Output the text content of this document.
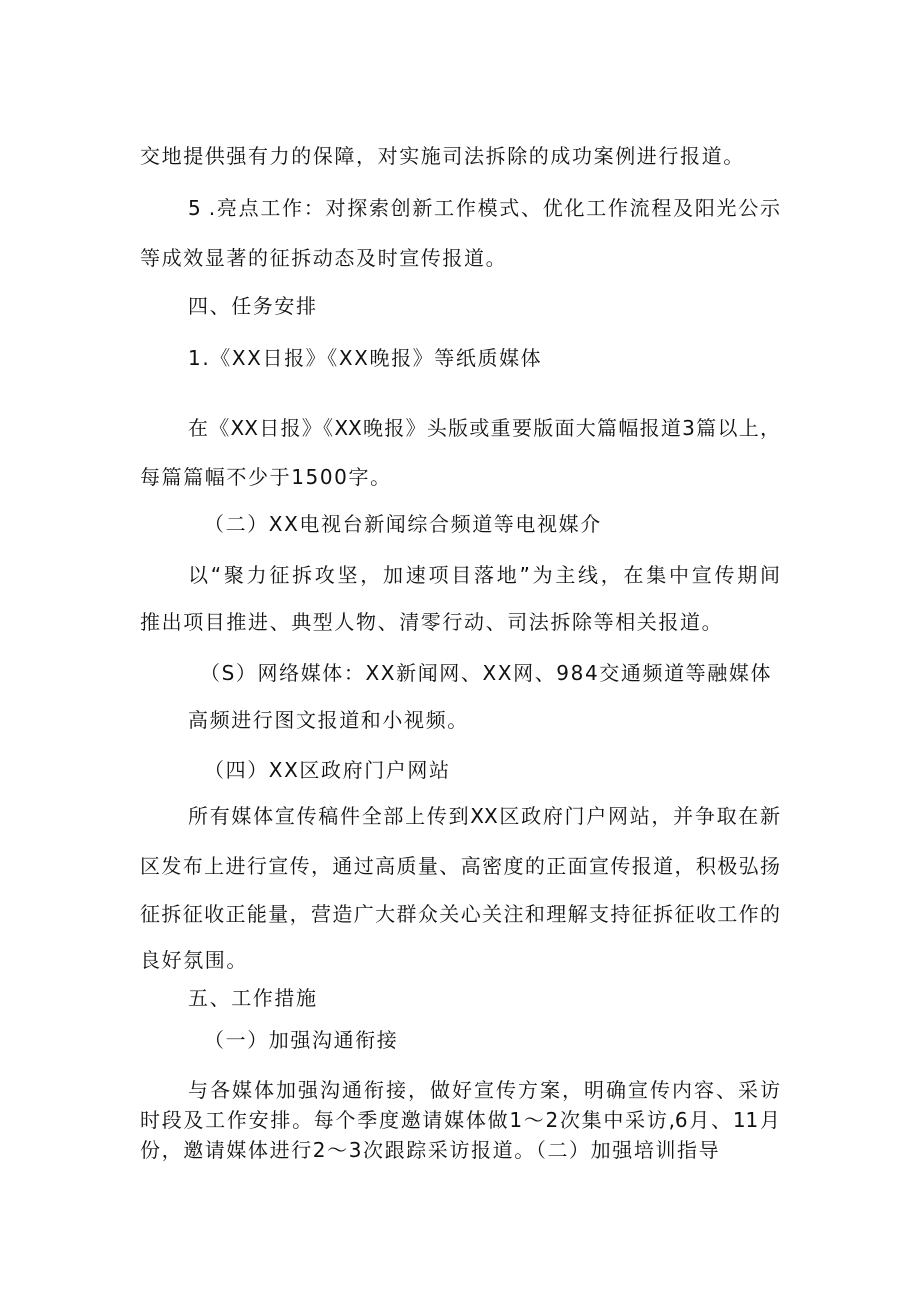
交地提供强有力的保障，对实施司法拆除的成功案例进行报道。

5 .亮点工作：对探索创新工作模式、优化工作流程及阳光公示

等成效显著的征拆动态及时宣传报道。

四、任务安排

1.《XX日报》《XX晚报》等纸质媒体

在《XX日报》《XX晚报》头版或重要版面大篇幅报道3篇以上，

每篇篇幅不少于1500字。

（二）XX电视台新闻综合频道等电视媒介

以“聚力征拆攻坚，加速项目落地”为主线，在集中宣传期间

推出项目推进、典型人物、清零行动、司法拆除等相关报道。

（S）网络媒体：XX新闻网、XX网、984交通频道等融媒体

高频进行图文报道和小视频。

（四）XX区政府门户网站

所有媒体宣传稿件全部上传到XX区政府门户网站，并争取在新

区发布上进行宣传，通过高质量、高密度的正面宣传报道，积极弘扬

征拆征收正能量，营造广大群众关心关注和理解支持征拆征收工作的

良好氛围。

五、工作措施

（一）加强沟通衔接

与各媒体加强沟通衔接，做好宣传方案，明确宣传内容、采访

时段及工作安排。每个季度邀请媒体做1～2次集中采访,6月、11月

份，邀请媒体进行2～3次跟踪采访报道。（二）加强培训指导
